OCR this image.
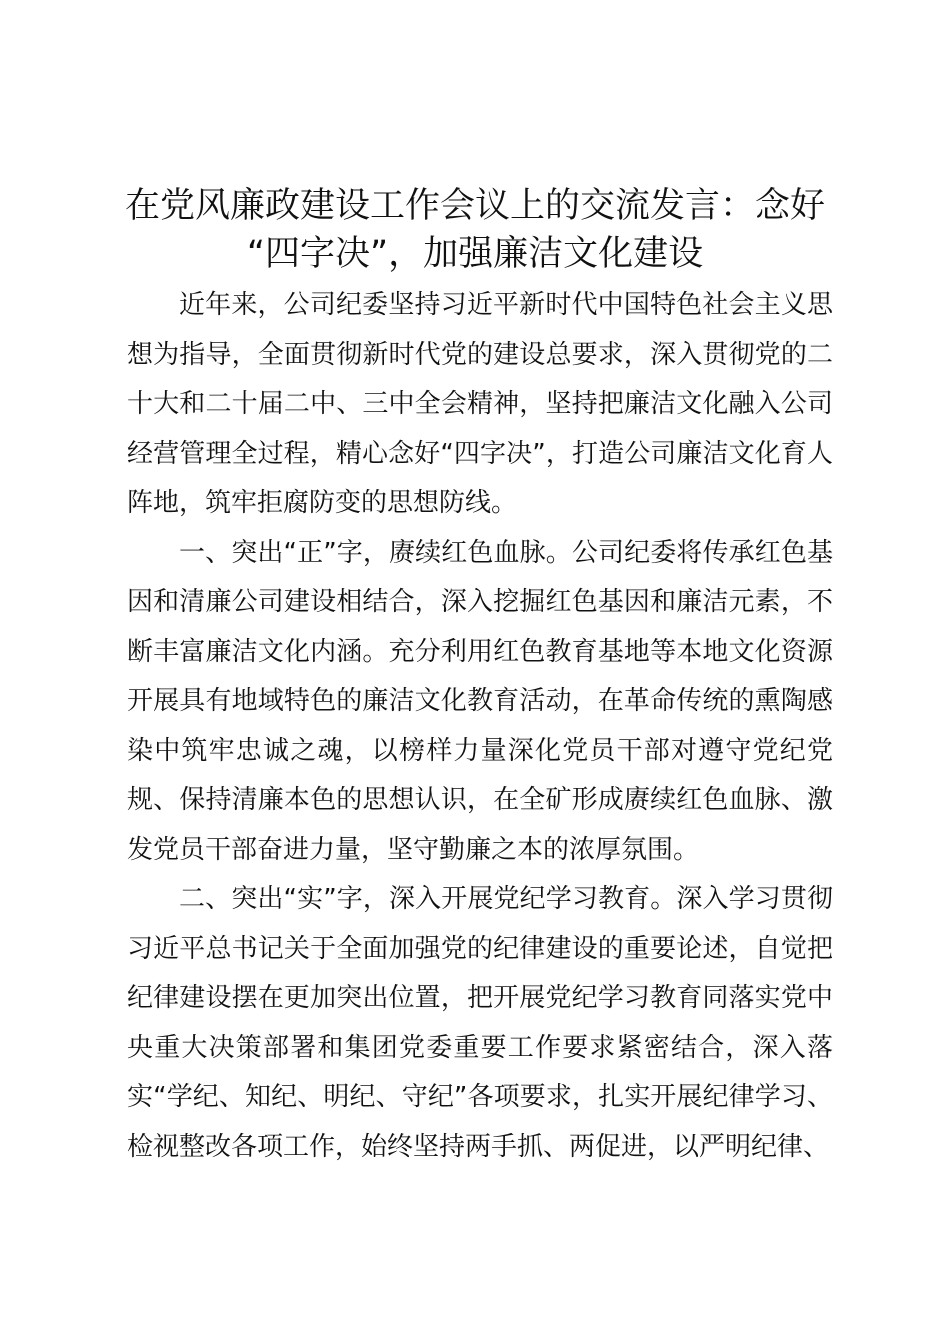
在党风廉政建设工作会议上的交流发言：念好
“四字决”，加强廉洁文化建设

近年来，公司纪委坚持习近平新时代中国特色社会主义思想为指导，全面贯彻新时代党的建设总要求，深入贯彻党的二十大和二十届二中、三中全会精神，坚持把廉洁文化融入公司经营管理全过程，精心念好“四字决”，打造公司廉洁文化育人阵地，筑牢拒腐防变的思想防线。

一、突出“正”字，赓续红色血脉。公司纪委将传承红色基因和清廉公司建设相结合，深入挖掘红色基因和廉洁元素，不断丰富廉洁文化内涵。充分利用红色教育基地等本地文化资源开展具有地域特色的廉洁文化教育活动，在革命传统的熏陶感染中筑牢忠诚之魂，以榜样力量深化党员干部对遵守党纪党规、保持清廉本色的思想认识，在全矿形成赓续红色血脉、激发党员干部奋进力量，坚守勤廉之本的浓厚氛围。

二、突出“实”字，深入开展党纪学习教育。深入学习贯彻习近平总书记关于全面加强党的纪律建设的重要论述，自觉把纪律建设摆在更加突出位置，把开展党纪学习教育同落实党中央重大决策部署和集团党委重要工作要求紧密结合，深入落实“学纪、知纪、明纪、守纪”各项要求，扎实开展纪律学习、检视整改各项工作，始终坚持两手抓、两促进，以严明纪律、
